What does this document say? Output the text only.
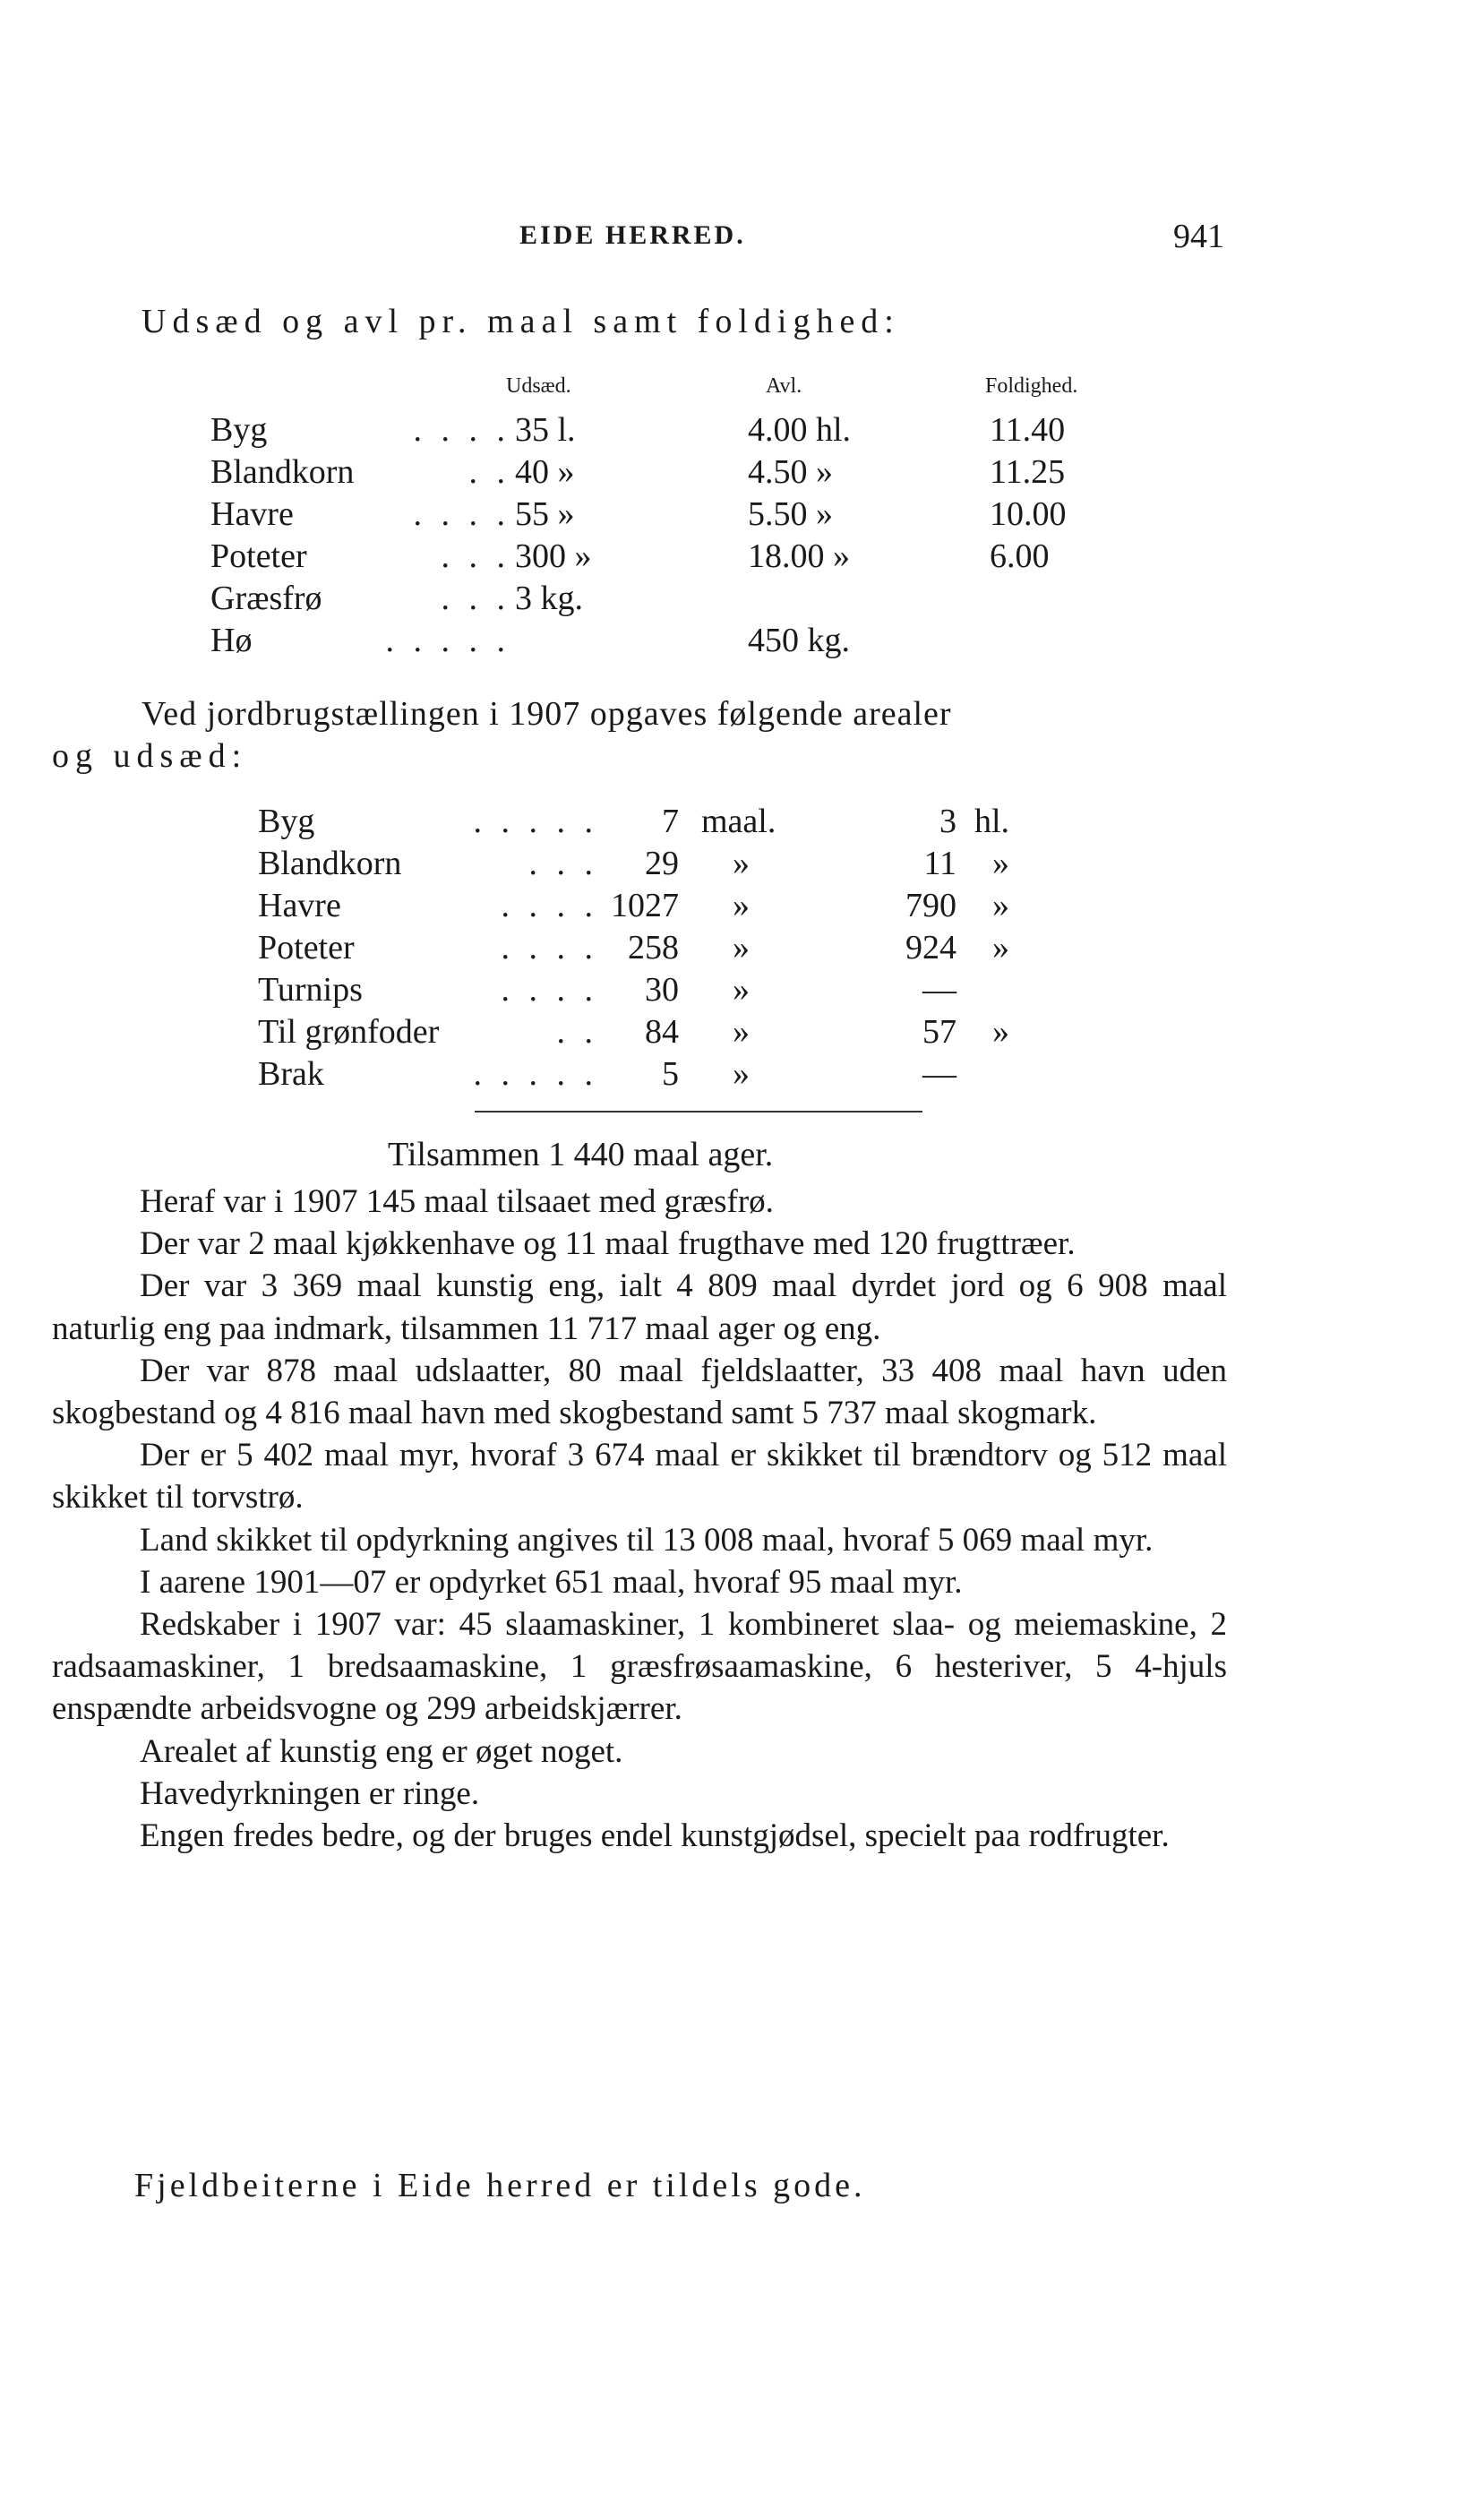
EIDE HERRED.	941
Udsæd og avl pr. maal samt foldighed:
Udsæd.	Avl.	Foldighed.
Byg	. . . . 35 l.	4.00 hl.	11.40
Blandkorn	. . 40 »	4.50 »	11.25
Havre	. . . . 55 »	5.50 »	10.00
Poteter	. . . 300 »	18.00 »	6.00
Græsfrø	. . . 3 kg.
Hø	. . . . .	450 kg.
Ved jordbrugstællingen i 1907 opgaves følgende arealer
og udsæd:
Byg	. . . . . 7 maal.	3 hl.
Blandkorn	. . . 29 »	11 »
Havre	. . . . 1027 »	790 »
Poteter	. . . . 258 »	924 »
Turnips	. . . . 30 »	—
Til grønfoder	. . 84 »	57 »
Brak	. . . . . 5 »	—
Tilsammen 1 440 maal ager.

Heraf var i 1907 145 maal tilsaaet med græsfrø.

Der var 2 maal kjøkkenhave og 11 maal frugthave med 120 frugttræer.

Der var 3 369 maal kunstig eng, ialt 4 809 maal dyrdet jord og 6 908 maal naturlig eng paa indmark, tilsammen 11 717 maal ager og eng.

Der var 878 maal udslaatter, 80 maal fjeldslaatter, 33 408 maal havn uden skogbestand og 4 816 maal havn med skogbestand samt 5 737 maal skogmark.

Der er 5 402 maal myr, hvoraf 3 674 maal er skikket til brændtorv og 512 maal skikket til torvstrø.

Land skikket til opdyrkning angives til 13 008 maal, hvoraf 5 069 maal myr.

I aarene 1901—07 er opdyrket 651 maal, hvoraf 95 maal myr.

Redskaber i 1907 var: 45 slaamaskiner, 1 kombineret slaa- og meiemaskine, 2 radsaamaskiner, 1 bredsaamaskine, 1 græsfrøsaamaskine, 6 hesteriver, 5 4-hjuls enspændte arbeidsvogne og 299 arbeidskjærrer.

Arealet af kunstig eng er øget noget.

Havedyrkningen er ringe.

Engen fredes bedre, og der bruges endel kunstgjødsel, specielt paa rodfrugter.

Fjeldbeiterne i Eide herred er tildels gode.
